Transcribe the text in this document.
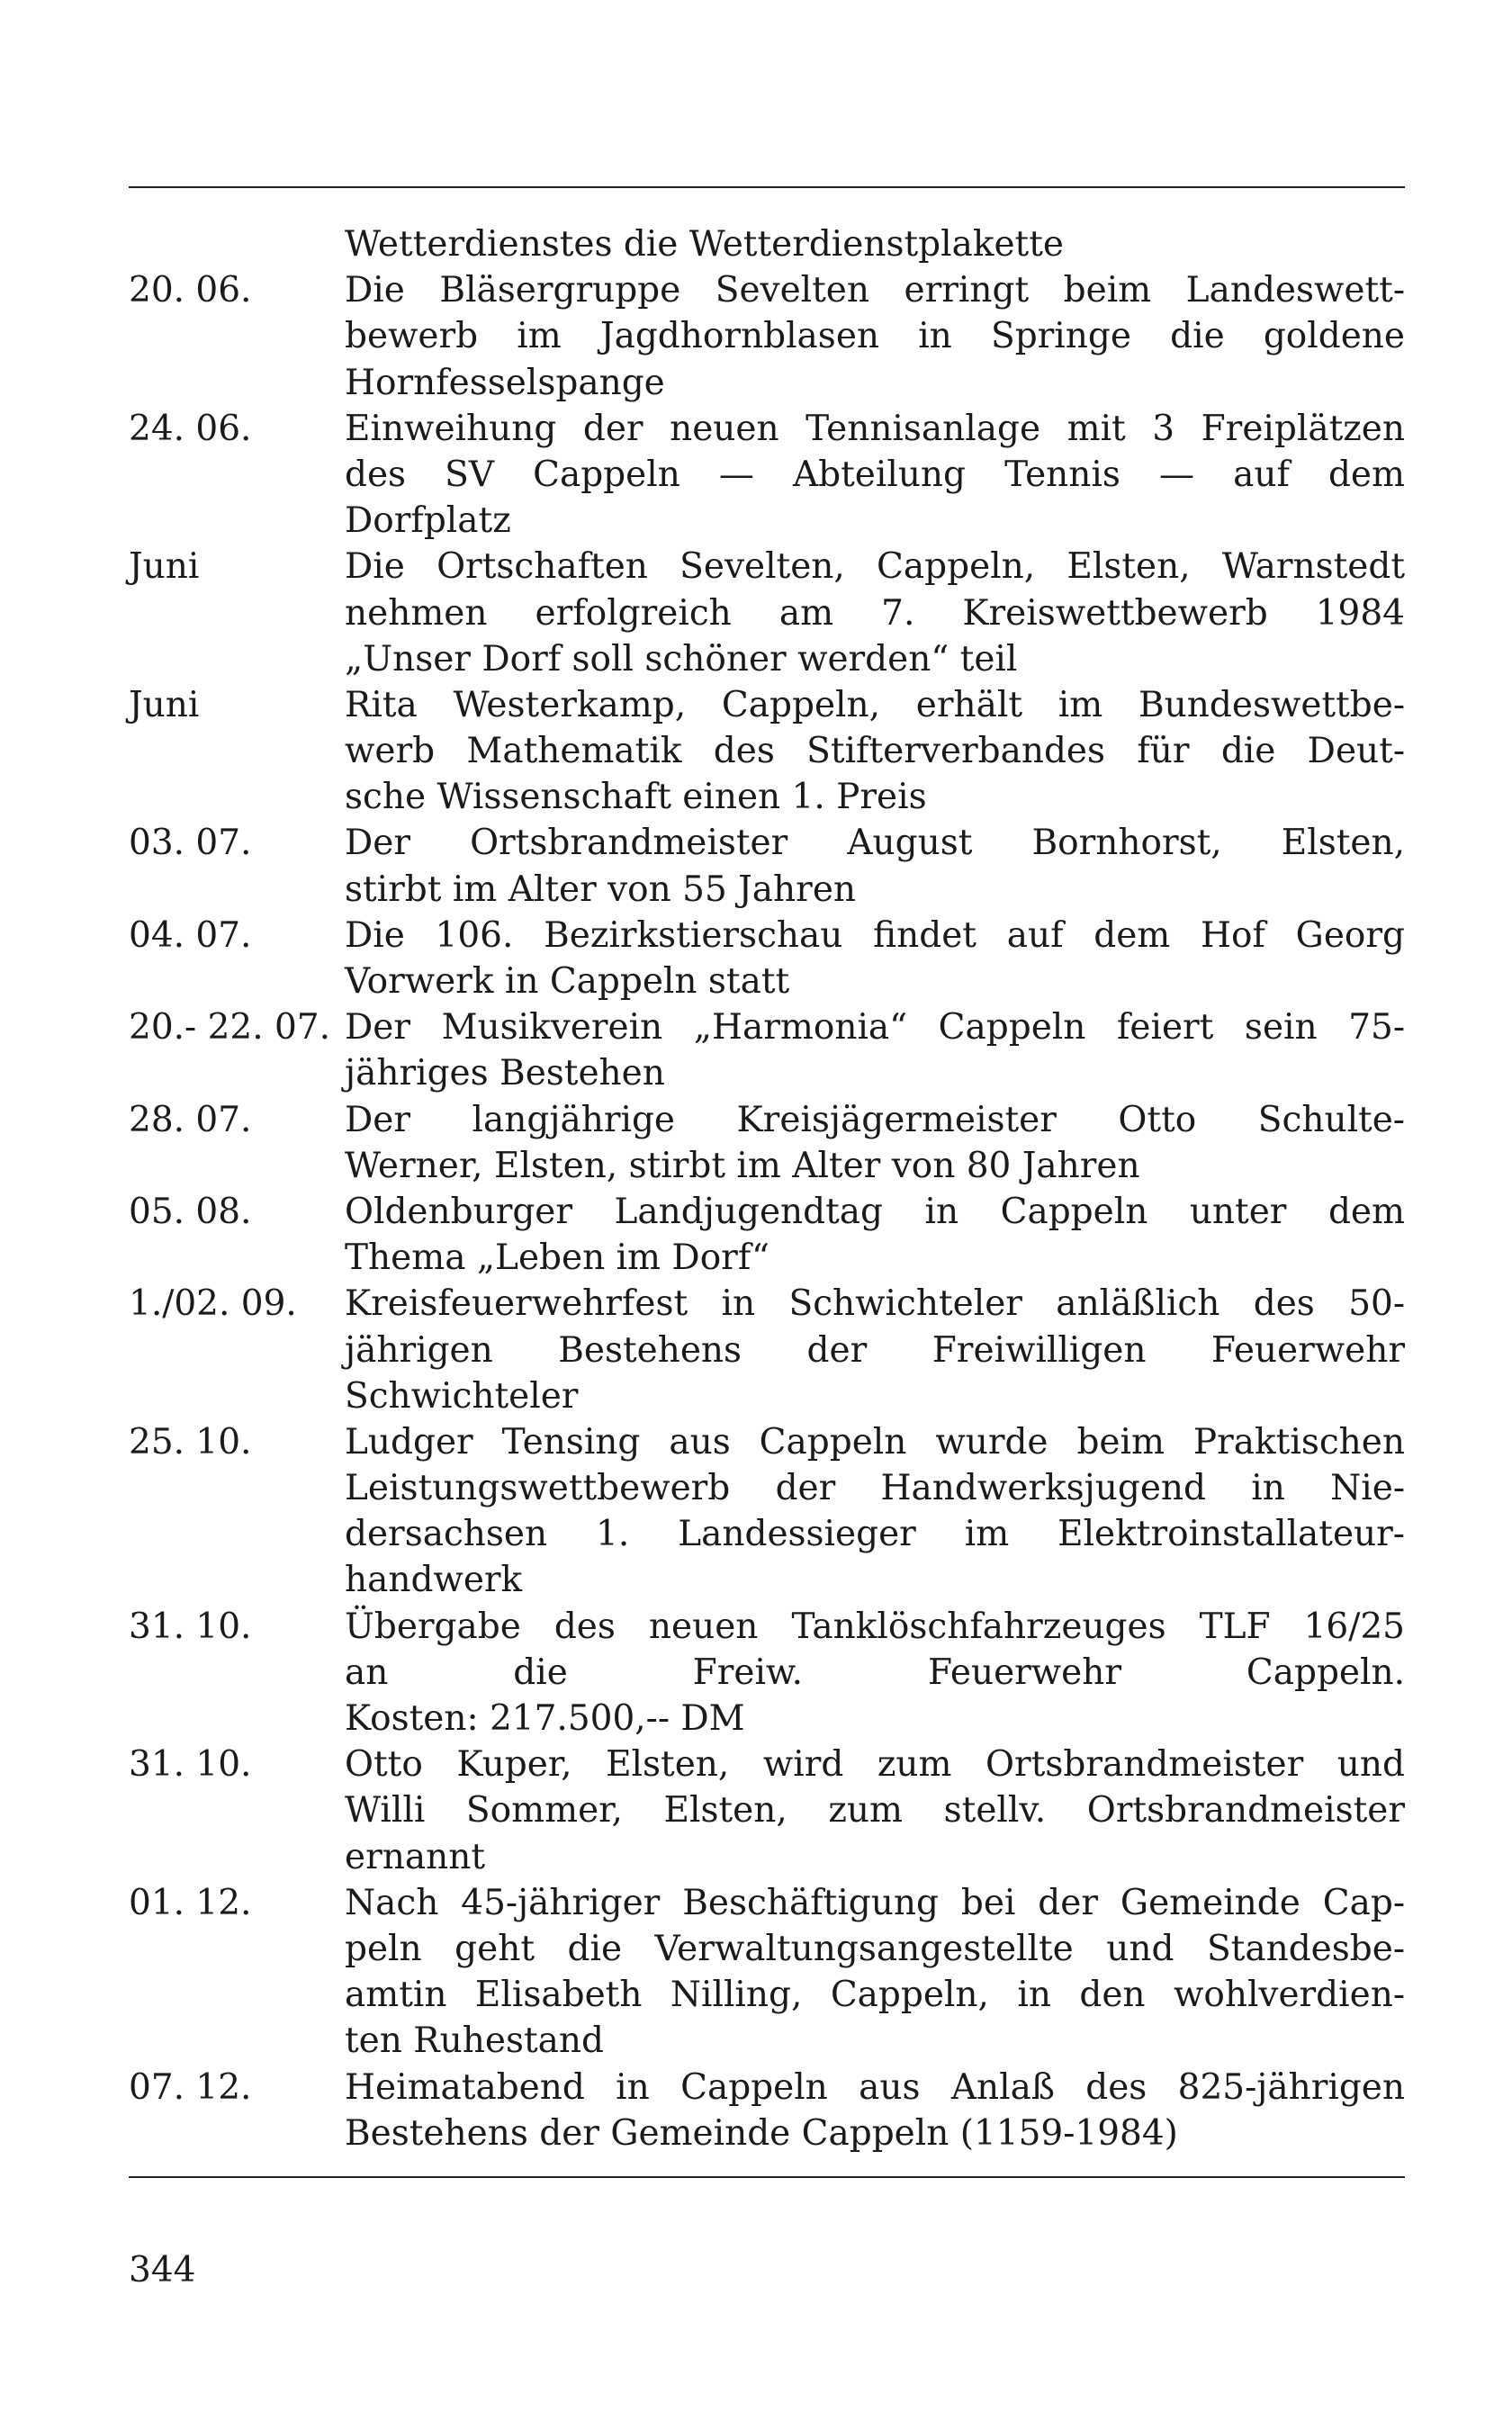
Wetterdienstes die Wetterdienstplakette
20. 06.	Die Bläsergruppe Sevelten erringt beim Landeswett-
bewerb im Jagdhornblasen in Springe die goldene
Hornfesselspange
24. 06.	Einweihung der neuen Tennisanlage mit 3 Freiplätzen
des SV Cappeln — Abteilung Tennis — auf dem
Dorfplatz
Juni	Die Ortschaften Sevelten, Cappeln, Elsten, Warnstedt
nehmen erfolgreich am 7. Kreiswettbewerb 1984
„Unser Dorf soll schöner werden“ teil
Juni	Rita Westerkamp, Cappeln, erhält im Bundeswettbe-
werb Mathematik des Stifterverbandes für die Deut-
sche Wissenschaft einen 1. Preis
03. 07.	Der Ortsbrandmeister August Bornhorst, Elsten,
stirbt im Alter von 55 Jahren
04. 07.	Die 106. Bezirkstierschau findet auf dem Hof Georg
Vorwerk in Cappeln statt
20.- 22. 07. Der Musikverein „Harmonia“ Cappeln feiert sein 75-
jähriges Bestehen
28. 07.	Der langjährige Kreisjägermeister Otto Schulte-
Werner, Elsten, stirbt im Alter von 80 Jahren
05. 08.	Oldenburger Landjugendtag in Cappeln unter dem
Thema „Leben im Dorf“
1./02. 09.	Kreisfeuerwehrfest in Schwichteler anläßlich des 50-
jährigen Bestehens der Freiwilligen Feuerwehr
Schwichteler
25. 10.	Ludger Tensing aus Cappeln wurde beim Praktischen
Leistungswettbewerb der Handwerksjugend in Nie-
dersachsen 1. Landessieger im Elektroinstallateur-
handwerk
31. 10.	Übergabe des neuen Tanklöschfahrzeuges TLF 16/25
an die Freiw. Feuerwehr Cappeln.
Kosten: 217.500,-- DM
31. 10.	Otto Kuper, Elsten, wird zum Ortsbrandmeister und
Willi Sommer, Elsten, zum stellv. Ortsbrandmeister
ernannt
01. 12.	Nach 45-jähriger Beschäftigung bei der Gemeinde Cap-
peln geht die Verwaltungsangestellte und Standesbe-
amtin Elisabeth Nilling, Cappeln, in den wohlverdien-
ten Ruhestand
07. 12.	Heimatabend in Cappeln aus Anlaß des 825-jährigen
Bestehens der Gemeinde Cappeln (1159-1984)
344
